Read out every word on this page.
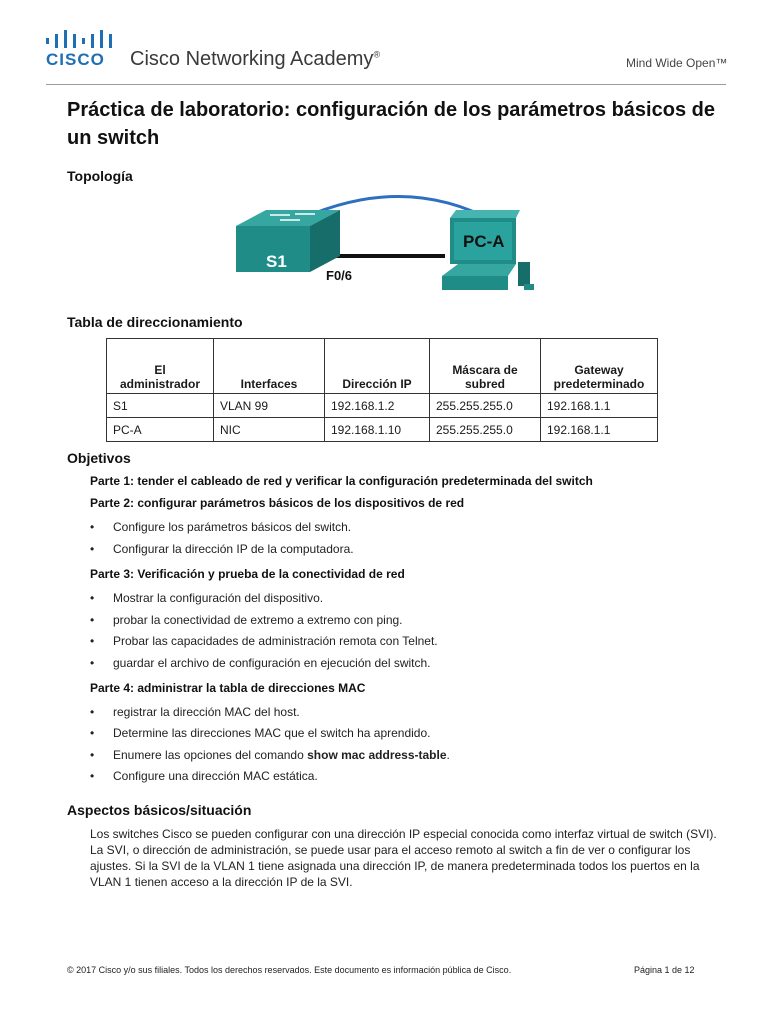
CISCO Cisco Networking Academy®
Mind Wide Open™
Práctica de laboratorio: configuración de los parámetros básicos de un switch
Topología
S1
F0/6
PC-A
Tabla de direccionamiento
El administrador	Interfaces	Dirección IP	Máscara de subred	Gateway predeterminado
S1	VLAN 99	192.168.1.2	255.255.255.0	192.168.1.1
PC-A	NIC	192.168.1.10	255.255.255.0	192.168.1.1
Objetivos
Parte 1: tender el cableado de red y verificar la configuración predeterminada del switch
Parte 2: configurar parámetros básicos de los dispositivos de red
• Configure los parámetros básicos del switch.
• Configurar la dirección IP de la computadora.
Parte 3: Verificación y prueba de la conectividad de red
• Mostrar la configuración del dispositivo.
• probar la conectividad de extremo a extremo con ping.
• Probar las capacidades de administración remota con Telnet.
• guardar el archivo de configuración en ejecución del switch.
Parte 4: administrar la tabla de direcciones MAC
• registrar la dirección MAC del host.
• Determine las direcciones MAC que el switch ha aprendido.
• Enumere las opciones del comando show mac address-table.
• Configure una dirección MAC estática.
Aspectos básicos/situación
Los switches Cisco se pueden configurar con una dirección IP especial conocida como interfaz virtual de switch (SVI). La SVI, o dirección de administración, se puede usar para el acceso remoto al switch a fin de ver o configurar los ajustes. Si la SVI de la VLAN 1 tiene asignada una dirección IP, de manera predeterminada todos los puertos en la VLAN 1 tienen acceso a la dirección IP de la SVI.
© 2017 Cisco y/o sus filiales. Todos los derechos reservados. Este documento es información pública de Cisco.	Página 1 de 12
